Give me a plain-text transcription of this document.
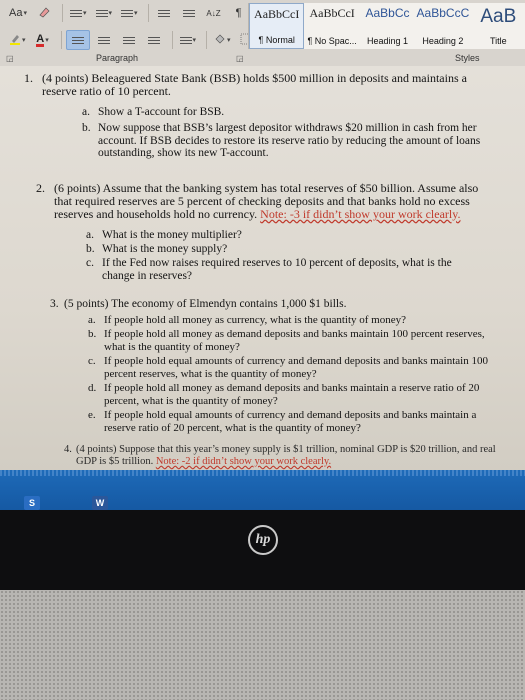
Aa ▾	▾	▾	▾	A↓Z ¶
▾ A ▾	▾	▾
AaBbCcI
¶ Normal
AaBbCcI
¶ No Spac...
AaBbCc
Heading 1
AaBbCcC
Heading 2
AaB
Title
◲	Paragraph	◲	Styles
1. (4 points) Beleaguered State Bank (BSB) holds $500 million in deposits and maintains a reserve ratio of 10 percent.
a. Show a T-account for BSB.
b. Now suppose that BSB’s largest depositor withdraws $20 million in cash from her account. If BSB decides to restore its reserve ratio by reducing the amount of loans outstanding, show its new T-account.
2. (6 points) Assume that the banking system has total reserves of $50 billion. Assume also that required reserves are 5 percent of checking deposits and that banks hold no excess reserves and households hold no currency. Note: -3 if didn’t show your work clearly.
a. What is the money multiplier?
b. What is the money supply?
c. If the Fed now raises required reserves to 10 percent of deposits, what is the change in reserves?
3. (5 points) The economy of Elmendyn contains 1,000 $1 bills.
a. If people hold all money as currency, what is the quantity of money?
b. If people hold all money as demand deposits and banks maintain 100 percent reserves, what is the quantity of money?
c. If people hold equal amounts of currency and demand deposits and banks maintain 100 percent reserves, what is the quantity of money?
d. If people hold all money as demand deposits and banks maintain a reserve ratio of 20 percent, what is the quantity of money?
e. If people hold equal amounts of currency and demand deposits and banks maintain a reserve ratio of 20 percent, what is the quantity of money?
4. (4 points) Suppose that this year’s money supply is $1 trillion, nominal GDP is $20 trillion, and real GDP is $5 trillion. Note: -2 if didn’t show your work clearly.
S	W
hp
